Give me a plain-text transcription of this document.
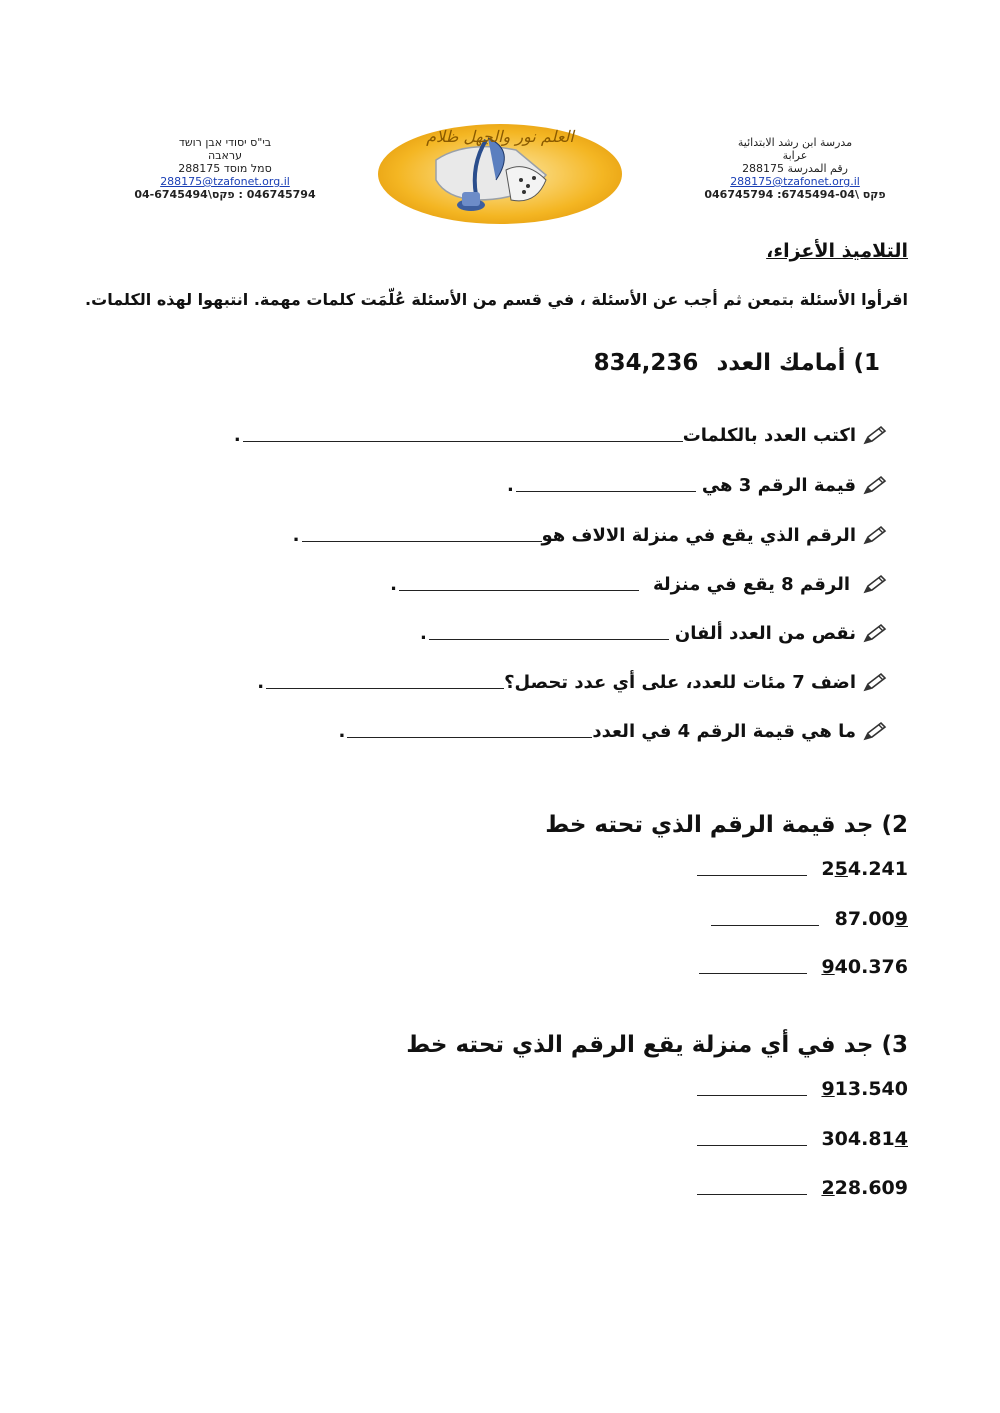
בי"ס יסודי אבן רושד
עראבה
סמל מוסד 288175
288175@tzafonet.org.il
046745794 : פקס\04-6745494
العلم نور والجهل ظلام	مدرسة ابن رشد الابتدائية
عرابة
رقم المدرسة 288175
288175@tzafonet.org.il
046745794 :פקס \6745494-04
التلاميذ الأعزاء،
اقرأوا الأسئلة بتمعن ثم أجب عن الأسئلة ، في قسم من الأسئلة عُلّمَت كلمات مهمة. انتبهوا لهذه الكلمات.
1) أمامك العدد 834,236
اكتب العدد بالكلمات
.
قيمة الرقم 3 هي
.
الرقم الذي يقع في منزلة الالاف هو
.
الرقم 8 يقع في منزلة
.
نقص من العدد ألفان
.
اضف 7 مئات للعدد، على أي عدد تحصل؟
.
ما هي قيمة الرقم 4 في العدد
.
2) جد قيمة الرقم الذي تحته خط
254.241
87.009
940.376
3) جد في أي منزلة يقع الرقم الذي تحته خط
913.540
304.814
228.609
